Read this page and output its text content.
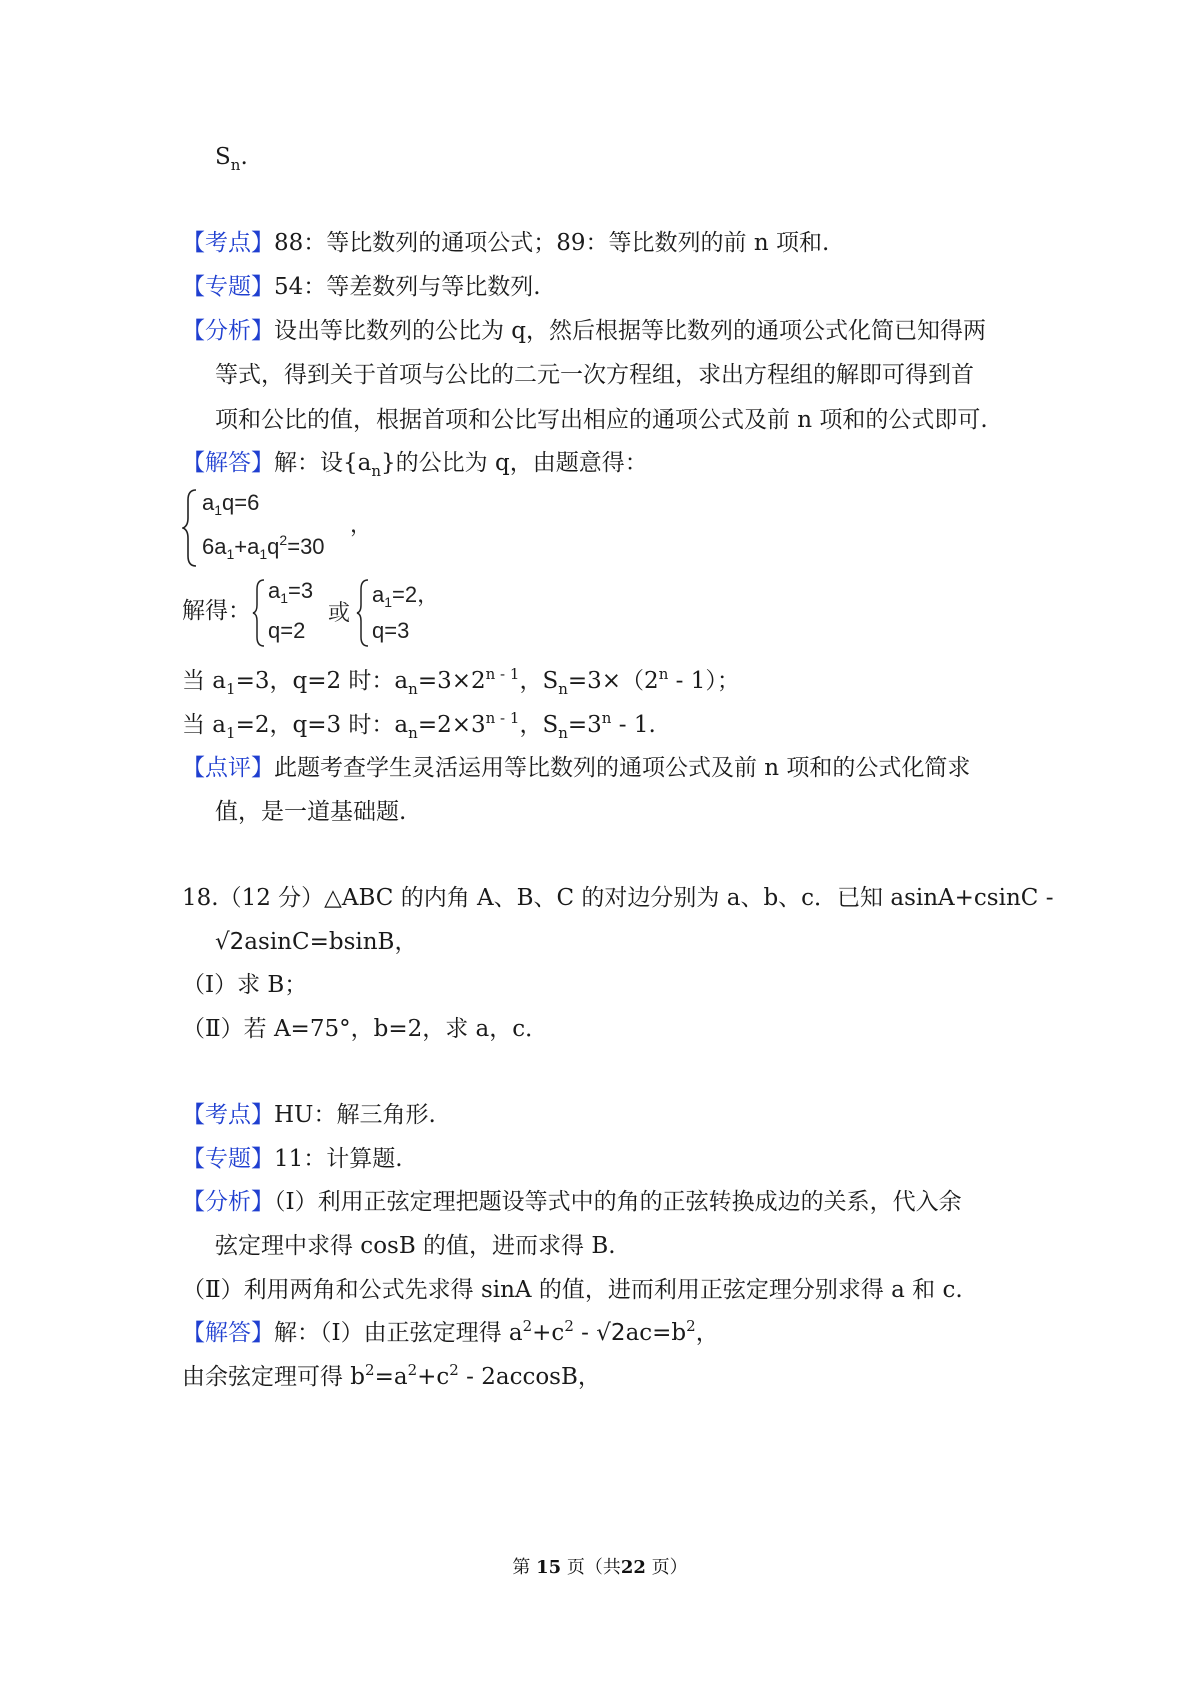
$S_n$.
【考点】88：等比数列的通项公式；89：等比数列的前 n 项和.
【专题】54：等差数列与等比数列.
【分析】设出等比数列的公比为 q，然后根据等比数列的通项公式化简已知得两
等式，得到关于首项与公比的二元一次方程组，求出方程组的解即可得到首
项和公比的值，根据首项和公比写出相应的通项公式及前 n 项和的公式即可.
【解答】解：设$\{a_n\}$的公比为 q，由题意得：
$a_1q=6$
$6a_1+a_1q^2=30$
，
解得：
$a_1=3$
q=2
或
$a_1=2$，
q=3
当 $a_1=3$，q=2 时：$a_n=3\times 2^{n - 1}$，$S_n=3\times(2^n - 1)$；
当 $a_1=2$，q=3 时：$a_n=2\times 3^{n - 1}$，$S_n=3^n - 1$.
【点评】此题考查学生灵活运用等比数列的通项公式及前 n 项和的公式化简求
值，是一道基础题.
18.（12 分）△ABC 的内角 A、B、C 的对边分别为 a、b、c．已知 asinA+csinC -
√2asinC=bsinB，
（Ⅰ）求 B；
（Ⅱ）若 A=75°，b=2，求 a，c．
【考点】HU：解三角形.
【专题】11：计算题.
【分析】（Ⅰ）利用正弦定理把题设等式中的角的正弦转换成边的关系，代入余
弦定理中求得 cosB 的值，进而求得 B.
（Ⅱ）利用两角和公式先求得 sinA 的值，进而利用正弦定理分别求得 a 和 c.
【解答】解：（Ⅰ）由正弦定理得 $a^2+c^2 - √2ac=b^2$，
由余弦定理可得 $b^2=a^2+c^2 - 2accosB$，
第 15 页（共22 页）
